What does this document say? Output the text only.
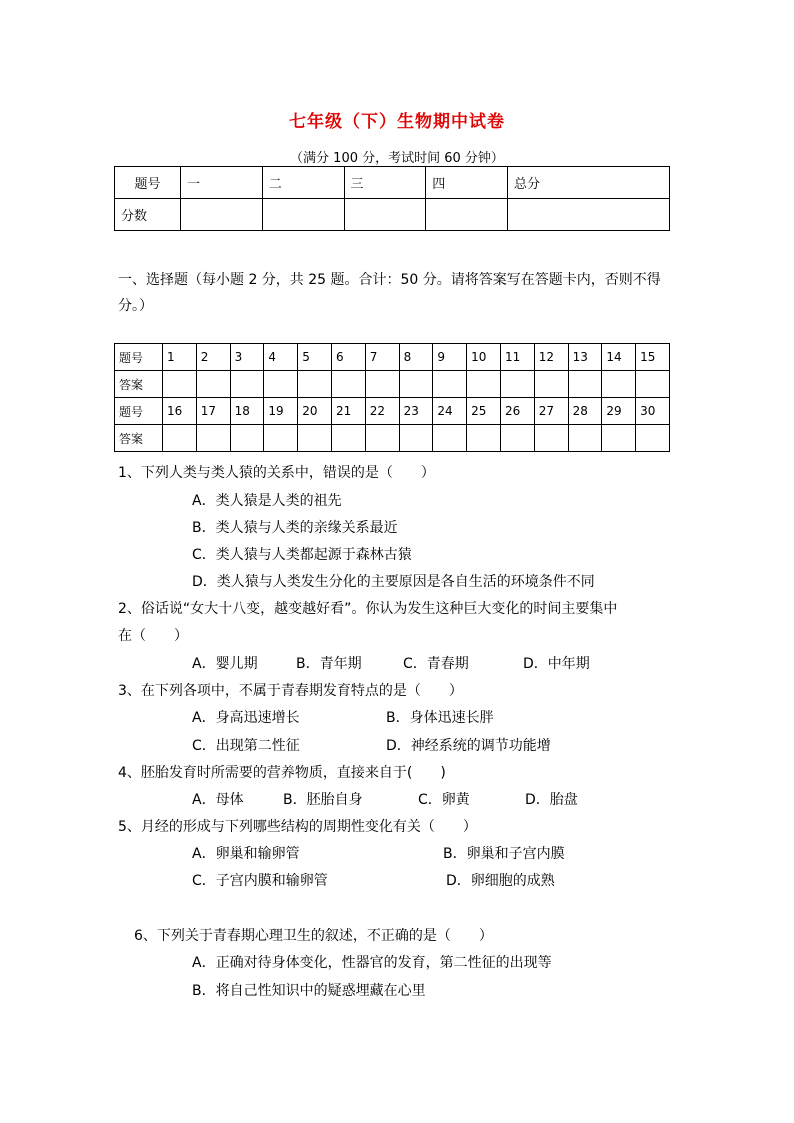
七年级（下）生物期中试卷
（满分 100 分，考试时间 60 分钟）
题号	一	二	三	四	总分
分数					
一、选择题（每小题 2 分，共 25 题。合计：50 分。请将答案写在答题卡内，否则不得分。）
题号	1	2	3	4	5	6	7	8	9	10	11	12	13	14	15
答案															
题号	16	17	18	19	20	21	22	23	24	25	26	27	28	29	30
答案															
1、下列人类与类人猿的关系中，错误的是（　　）
A．类人猿是人类的祖先
B．类人猿与人类的亲缘关系最近
C．类人猿与人类都起源于森林古猿
D．类人猿与人类发生分化的主要原因是各自生活的环境条件不同
2、俗话说“女大十八变，越变越好看”。你认为发生这种巨大变化的时间主要集中
在（　　）
A．婴儿期	B．青年期	C．青春期	D．中年期
3、在下列各项中，不属于青春期发育特点的是（　　）
A．身高迅速增长	B．身体迅速长胖
C．出现第二性征	D．神经系统的调节功能增
4、胚胎发育时所需要的营养物质，直接来自于(　　)
A．母体	B．胚胎自身	C．卵黄	D．胎盘
5、月经的形成与下列哪些结构的周期性变化有关（　　）
A．卵巢和输卵管	B．卵巢和子宫内膜
C．子宫内膜和输卵管	D．卵细胞的成熟
6、下列关于青春期心理卫生的叙述，不正确的是（　　）
A．正确对待身体变化，性器官的发育，第二性征的出现等
B．将自己性知识中的疑惑埋藏在心里
